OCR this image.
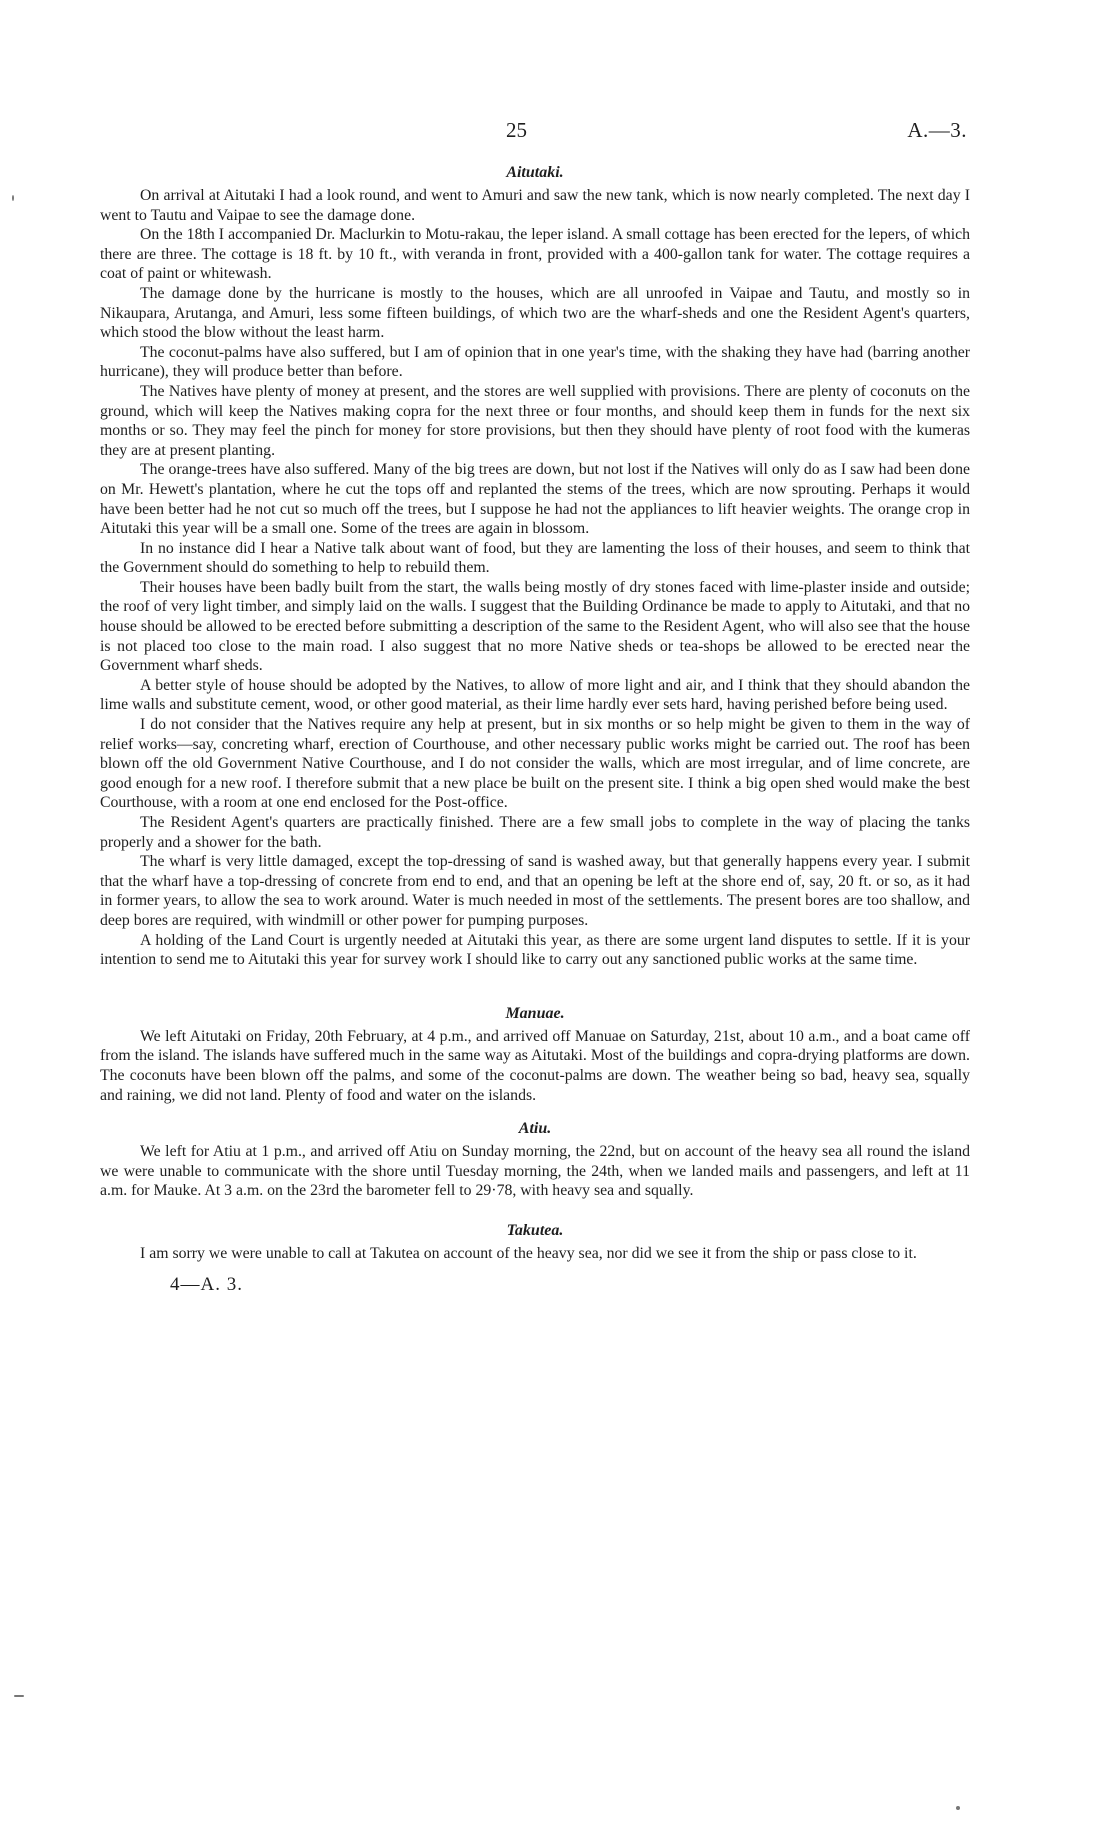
25	A.—3.
Aitutaki.

On arrival at Aitutaki I had a look round, and went to Amuri and saw the new tank, which is now nearly completed. The next day I went to Tautu and Vaipae to see the damage done.

On the 18th I accompanied Dr. Maclurkin to Motu-rakau, the leper island. A small cottage has been erected for the lepers, of which there are three. The cottage is 18 ft. by 10 ft., with veranda in front, provided with a 400-gallon tank for water. The cottage requires a coat of paint or whitewash.

The damage done by the hurricane is mostly to the houses, which are all unroofed in Vaipae and Tautu, and mostly so in Nikaupara, Arutanga, and Amuri, less some fifteen buildings, of which two are the wharf-sheds and one the Resident Agent's quarters, which stood the blow without the least harm.

The coconut-palms have also suffered, but I am of opinion that in one year's time, with the shaking they have had (barring another hurricane), they will produce better than before.

The Natives have plenty of money at present, and the stores are well supplied with provisions. There are plenty of coconuts on the ground, which will keep the Natives making copra for the next three or four months, and should keep them in funds for the next six months or so. They may feel the pinch for money for store provisions, but then they should have plenty of root food with the kumeras they are at present planting.

The orange-trees have also suffered. Many of the big trees are down, but not lost if the Natives will only do as I saw had been done on Mr. Hewett's plantation, where he cut the tops off and replanted the stems of the trees, which are now sprouting. Perhaps it would have been better had he not cut so much off the trees, but I suppose he had not the appliances to lift heavier weights. The orange crop in Aitutaki this year will be a small one. Some of the trees are again in blossom.

In no instance did I hear a Native talk about want of food, but they are lamenting the loss of their houses, and seem to think that the Government should do something to help to rebuild them.

Their houses have been badly built from the start, the walls being mostly of dry stones faced with lime-plaster inside and outside; the roof of very light timber, and simply laid on the walls. I suggest that the Building Ordinance be made to apply to Aitutaki, and that no house should be allowed to be erected before submitting a description of the same to the Resident Agent, who will also see that the house is not placed too close to the main road. I also suggest that no more Native sheds or tea-shops be allowed to be erected near the Government wharf sheds.

A better style of house should be adopted by the Natives, to allow of more light and air, and I think that they should abandon the lime walls and substitute cement, wood, or other good material, as their lime hardly ever sets hard, having perished before being used.

I do not consider that the Natives require any help at present, but in six months or so help might be given to them in the way of relief works—say, concreting wharf, erection of Courthouse, and other necessary public works might be carried out. The roof has been blown off the old Government Native Courthouse, and I do not consider the walls, which are most irregular, and of lime concrete, are good enough for a new roof. I therefore submit that a new place be built on the present site. I think a big open shed would make the best Courthouse, with a room at one end enclosed for the Post-office.

The Resident Agent's quarters are practically finished. There are a few small jobs to complete in the way of placing the tanks properly and a shower for the bath.

The wharf is very little damaged, except the top-dressing of sand is washed away, but that generally happens every year. I submit that the wharf have a top-dressing of concrete from end to end, and that an opening be left at the shore end of, say, 20 ft. or so, as it had in former years, to allow the sea to work around. Water is much needed in most of the settlements. The present bores are too shallow, and deep bores are required, with windmill or other power for pumping purposes.

A holding of the Land Court is urgently needed at Aitutaki this year, as there are some urgent land disputes to settle. If it is your intention to send me to Aitutaki this year for survey work I should like to carry out any sanctioned public works at the same time.

Manuae.

We left Aitutaki on Friday, 20th February, at 4 p.m., and arrived off Manuae on Saturday, 21st, about 10 a.m., and a boat came off from the island. The islands have suffered much in the same way as Aitutaki. Most of the buildings and copra-drying platforms are down. The coconuts have been blown off the palms, and some of the coconut-palms are down. The weather being so bad, heavy sea, squally and raining, we did not land. Plenty of food and water on the islands.

Atiu.

We left for Atiu at 1 p.m., and arrived off Atiu on Sunday morning, the 22nd, but on account of the heavy sea all round the island we were unable to communicate with the shore until Tuesday morning, the 24th, when we landed mails and passengers, and left at 11 a.m. for Mauke. At 3 a.m. on the 23rd the barometer fell to 29·78, with heavy sea and squally.

Takutea.

I am sorry we were unable to call at Takutea on account of the heavy sea, nor did we see it from the ship or pass close to it.

4—A. 3.
